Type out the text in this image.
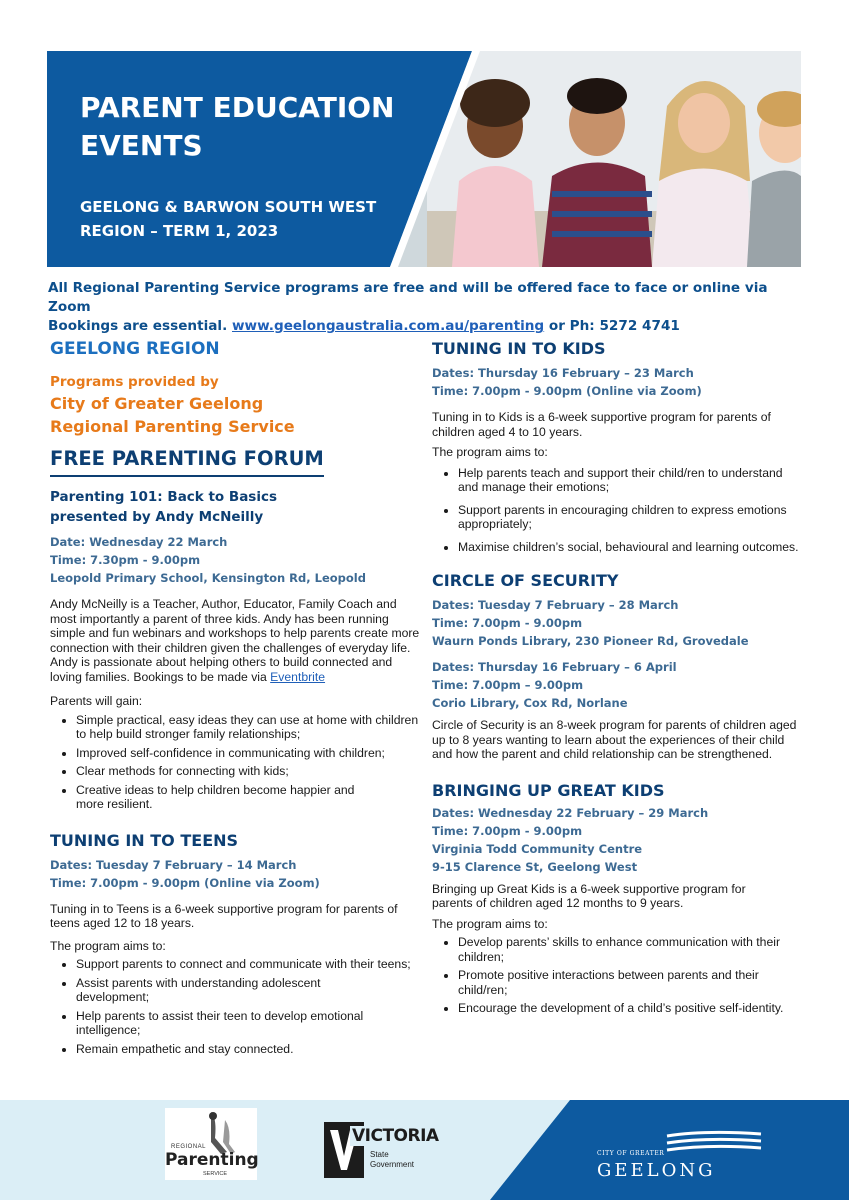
PARENT EDUCATION
EVENTS

GEELONG & BARWON SOUTH WEST
REGION – TERM 1, 2023

All Regional Parenting Service programs are free and will be offered face to face or online via Zoom
Bookings are essential. www.geelongaustralia.com.au/parenting or Ph: 5272 4741

GEELONG REGION

Programs provided by

City of Greater Geelong

Regional Parenting Service

FREE PARENTING FORUM

Parenting 101: Back to Basics
presented by Andy McNeilly

Date: Wednesday 22 March

Time: 7.30pm - 9.00pm

Leopold Primary School, Kensington Rd, Leopold

Andy McNeilly is a Teacher, Author, Educator, Family Coach and most importantly a parent of three kids. Andy has been running simple and fun webinars and workshops to help parents create more connection with their children given the challenges of everyday life. Andy is passionate about helping others to build connected and loving families. Bookings to be made via Eventbrite

Parents will gain:

• Simple practical, easy ideas they can use at home with children to help build stronger family relationships;
• Improved self-confidence in communicating with children;
• Clear methods for connecting with kids;
• Creative ideas to help children become happier and more resilient.
TUNING IN TO TEENS

Dates: Tuesday 7 February – 14 March

Time: 7.00pm - 9.00pm (Online via Zoom)

Tuning in to Teens is a 6-week supportive program for parents of teens aged 12 to 18 years.

The program aims to:

• Support parents to connect and communicate with their teens;
• Assist parents with understanding adolescent development;
• Help parents to assist their teen to develop emotional intelligence;
• Remain empathetic and stay connected.
TUNING IN TO KIDS

Dates: Thursday 16 February – 23 March

Time: 7.00pm - 9.00pm (Online via Zoom)

Tuning in to Kids is a 6-week supportive program for parents of children aged 4 to 10 years.

The program aims to:

• Help parents teach and support their child/ren to understand and manage their emotions;
• Support parents in encouraging children to express emotions appropriately;
• Maximise children’s social, behavioural and learning outcomes.
CIRCLE OF SECURITY

Dates: Tuesday 7 February – 28 March

Time: 7.00pm - 9.00pm

Waurn Ponds Library, 230 Pioneer Rd, Grovedale

Dates: Thursday 16 February – 6 April

Time: 7.00pm – 9.00pm

Corio Library, Cox Rd, Norlane

Circle of Security is an 8-week program for parents of children aged up to 8 years wanting to learn about the experiences of their child and how the parent and child relationship can be strengthened.

BRINGING UP GREAT KIDS

Dates: Wednesday 22 February – 29 March

Time: 7.00pm - 9.00pm

Virginia Todd Community Centre

9-15 Clarence St, Geelong West

Bringing up Great Kids is a 6-week supportive program for parents of children aged 12 months to 9 years.

The program aims to:

• Develop parents’ skills to enhance communication with their children;
• Promote positive interactions between parents and their child/ren;
• Encourage the development of a child’s positive self-identity.
REGIONAL
Parenting
SERVICE
VICTORIA
State
Government
CITY OF GREATER
GEELONG
